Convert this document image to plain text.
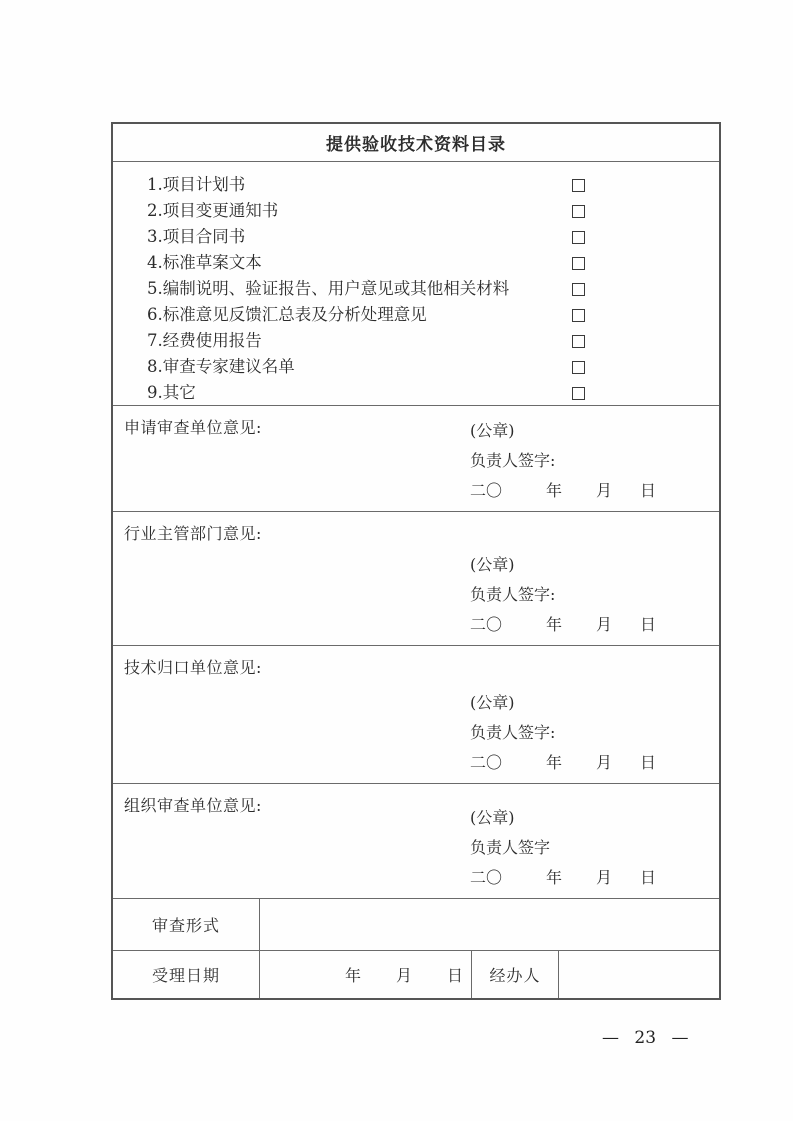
提供验收技术资料目录
1.项目计划书
2.项目变更通知书
3.项目合同书
4.标准草案文本
5.编制说明、验证报告、用户意见或其他相关材料
6.标准意见反馈汇总表及分析处理意见
7.经费使用报告
8.审查专家建议名单
9.其它
申请审查单位意见:	(公章)
负责人签字:
二〇	年 月 日
行业主管部门意见:
(公章)
负责人签字:
二〇	年 月 日
技术归口单位意见:
(公章)
负责人签字:
二〇	年 月 日
组织审查单位意见:
(公章)
负责人签字
二〇	年 月 日
审查形式
受理日期	年 月 日	经办人
— 23 —
